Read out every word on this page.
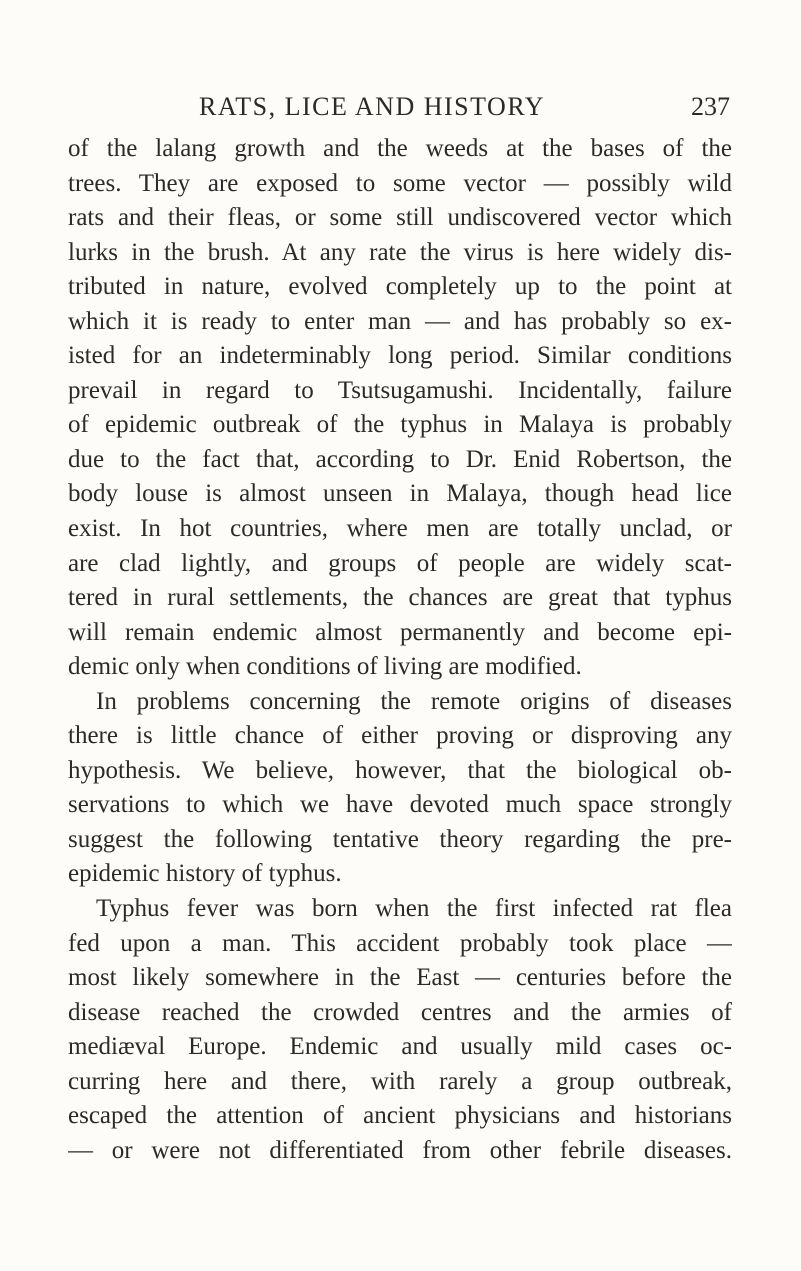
RATS, LICE AND HISTORY	237
of the lalang growth and the weeds at the bases of the
trees. They are exposed to some vector — possibly wild
rats and their fleas, or some still undiscovered vector which
lurks in the brush. At any rate the virus is here widely dis-
tributed in nature, evolved completely up to the point at
which it is ready to enter man — and has probably so ex-
isted for an indeterminably long period. Similar conditions
prevail in regard to Tsutsugamushi. Incidentally, failure
of epidemic outbreak of the typhus in Malaya is probably
due to the fact that, according to Dr. Enid Robertson, the
body louse is almost unseen in Malaya, though head lice
exist. In hot countries, where men are totally unclad, or
are clad lightly, and groups of people are widely scat-
tered in rural settlements, the chances are great that typhus
will remain endemic almost permanently and become epi-
demic only when conditions of living are modified.
In problems concerning the remote origins of diseases
there is little chance of either proving or disproving any
hypothesis. We believe, however, that the biological ob-
servations to which we have devoted much space strongly
suggest the following tentative theory regarding the pre-
epidemic history of typhus.
Typhus fever was born when the first infected rat flea
fed upon a man. This accident probably took place —
most likely somewhere in the East — centuries before the
disease reached the crowded centres and the armies of
mediæval Europe. Endemic and usually mild cases oc-
curring here and there, with rarely a group outbreak,
escaped the attention of ancient physicians and historians
— or were not differentiated from other febrile diseases.
